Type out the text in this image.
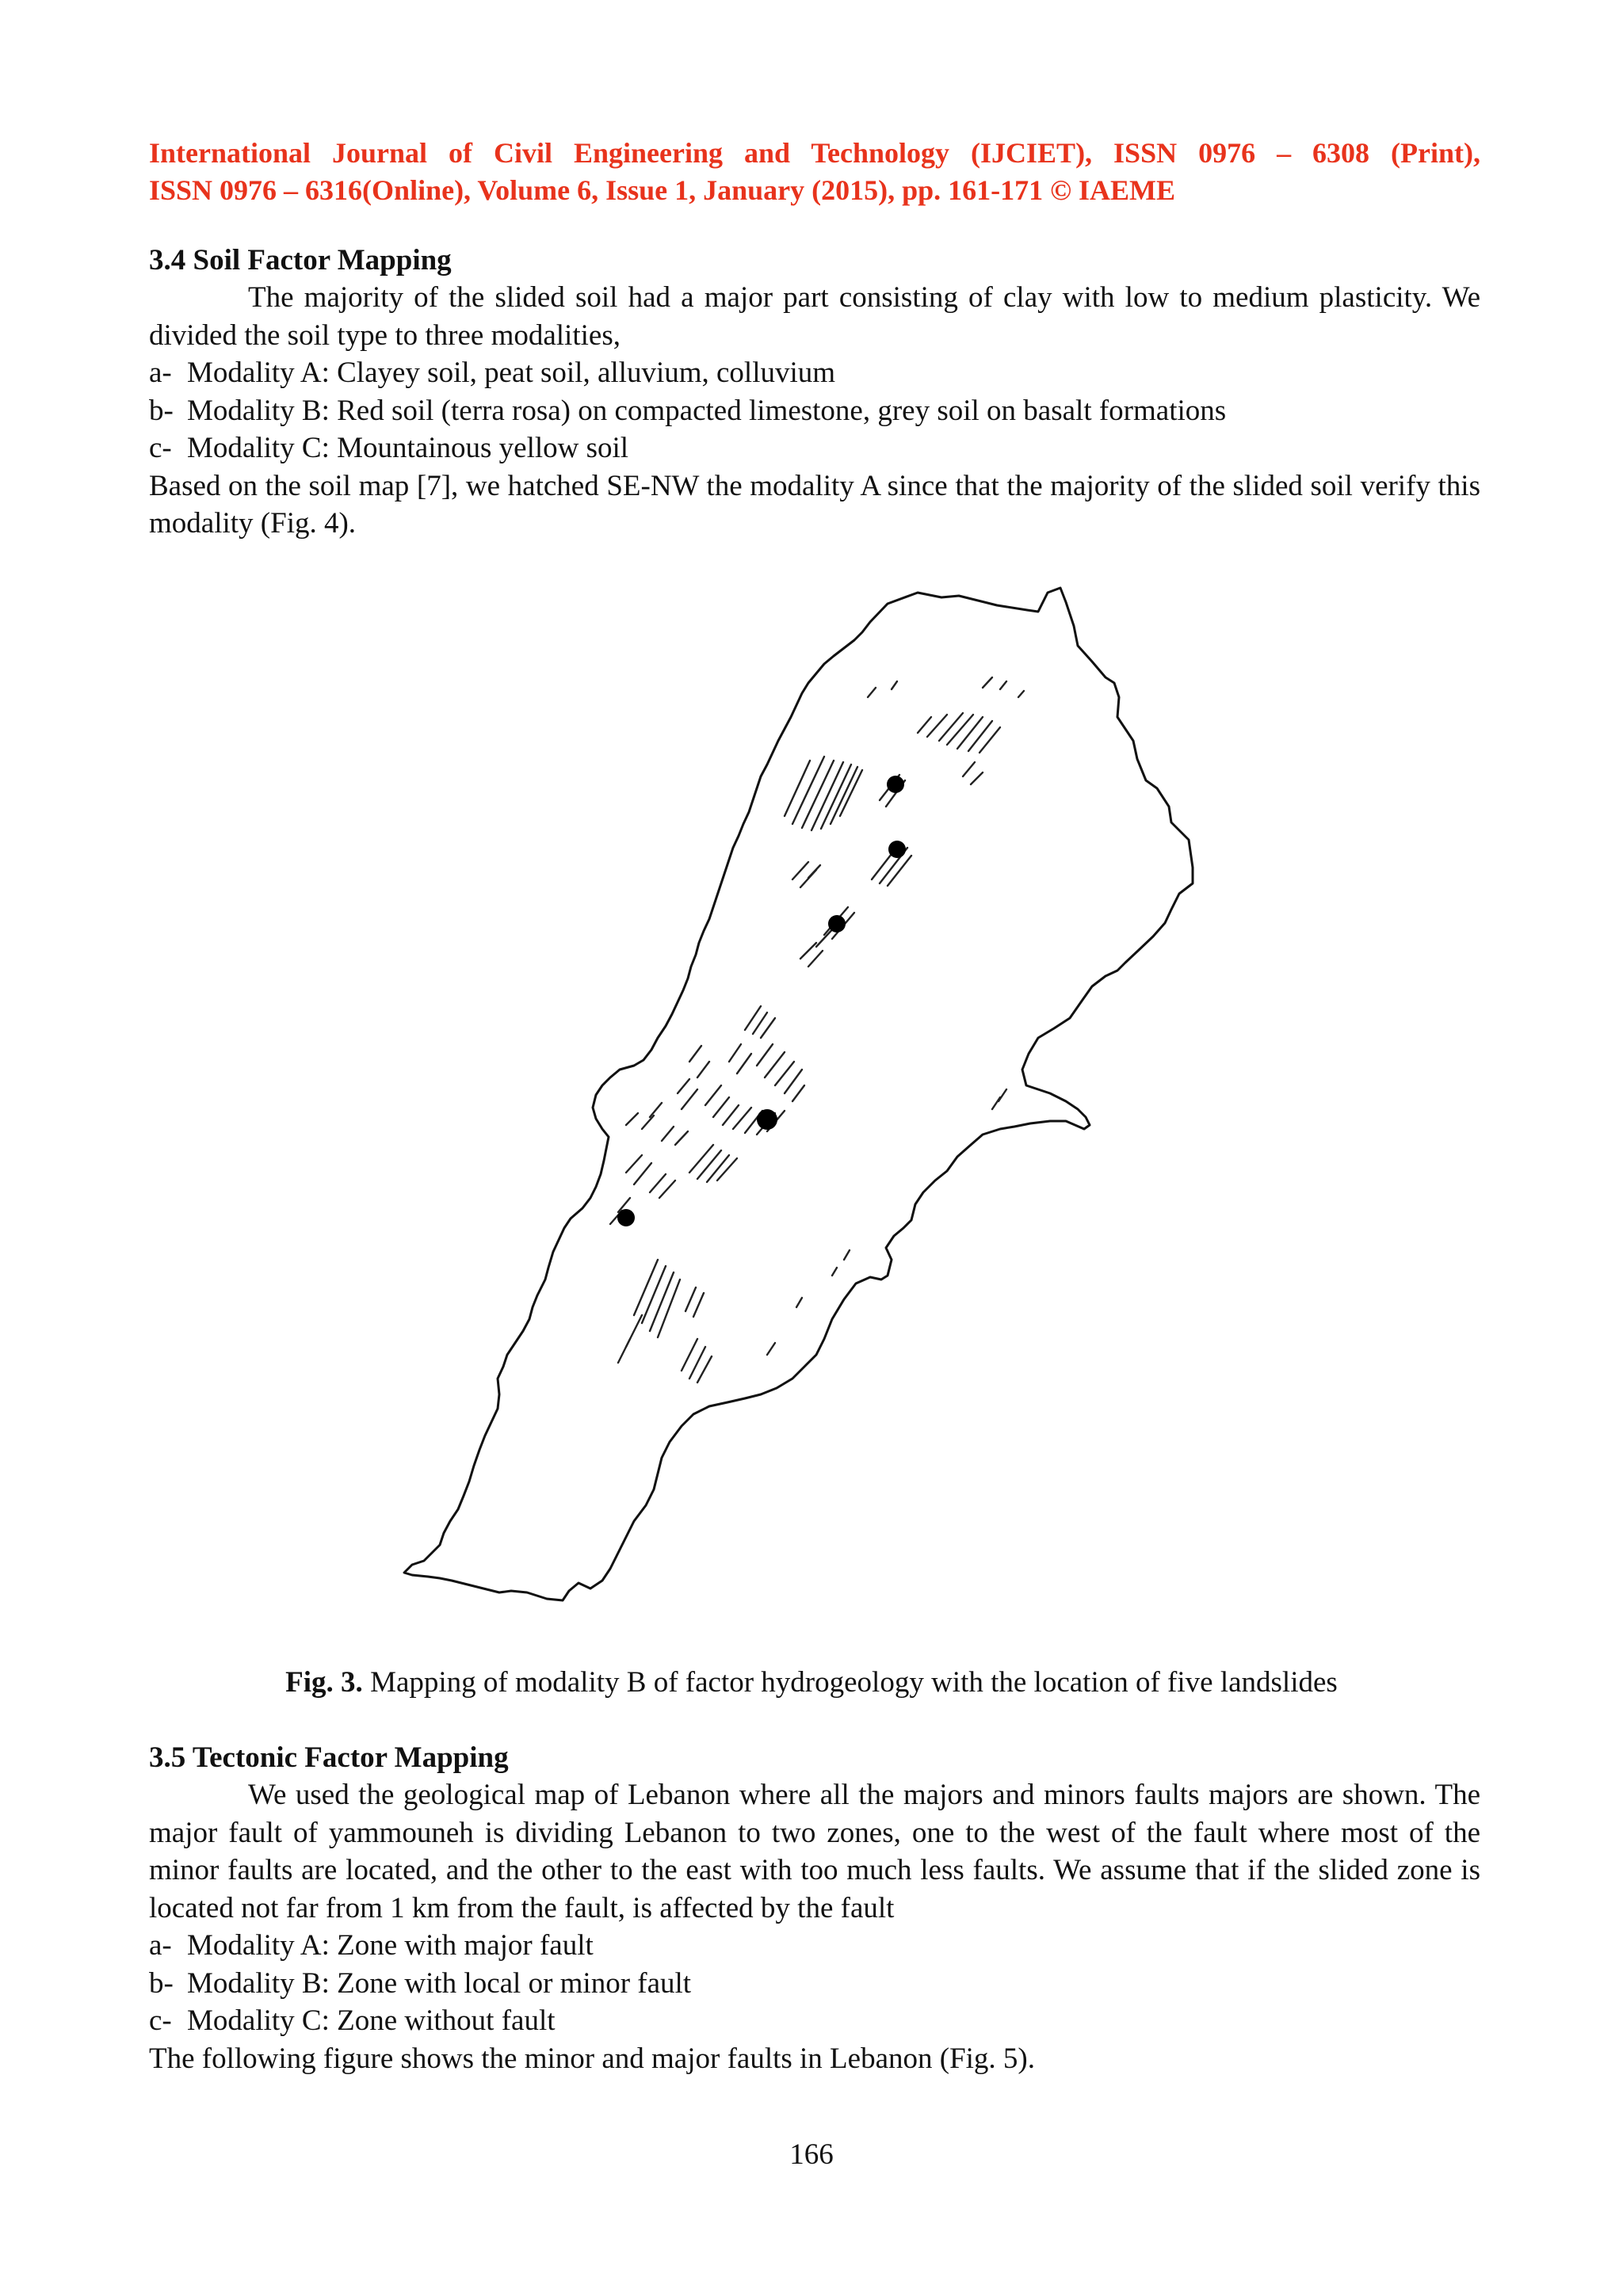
International Journal of Civil Engineering and Technology (IJCIET), ISSN 0976 – 6308 (Print),
ISSN 0976 – 6316(Online), Volume 6, Issue 1, January (2015), pp. 161-171 © IAEME
3.4 Soil Factor Mapping

The majority of the slided soil had a major part consisting of clay with low to medium plasticity. We divided the soil type to three modalities,

a- Modality A: Clayey soil, peat soil, alluvium, colluvium
b- Modality B: Red soil (terra rosa) on compacted limestone, grey soil on basalt formations
c- Modality C: Mountainous yellow soil

Based on the soil map [7], we hatched SE-NW the modality A since that the majority of the slided soil verify this modality (Fig. 4).

Fig. 3. Mapping of modality B of factor hydrogeology with the location of five landslides
3.5 Tectonic Factor Mapping

We used the geological map of Lebanon where all the majors and minors faults majors are shown. The major fault of yammouneh is dividing Lebanon to two zones, one to the west of the fault where most of the minor faults are located, and the other to the east with too much less faults. We assume that if the slided zone is located not far from 1 km from the fault, is affected by the fault

a- Modality A: Zone with major fault
b- Modality B: Zone with local or minor fault
c- Modality C: Zone without fault

The following figure shows the minor and major faults in Lebanon (Fig. 5).

166
